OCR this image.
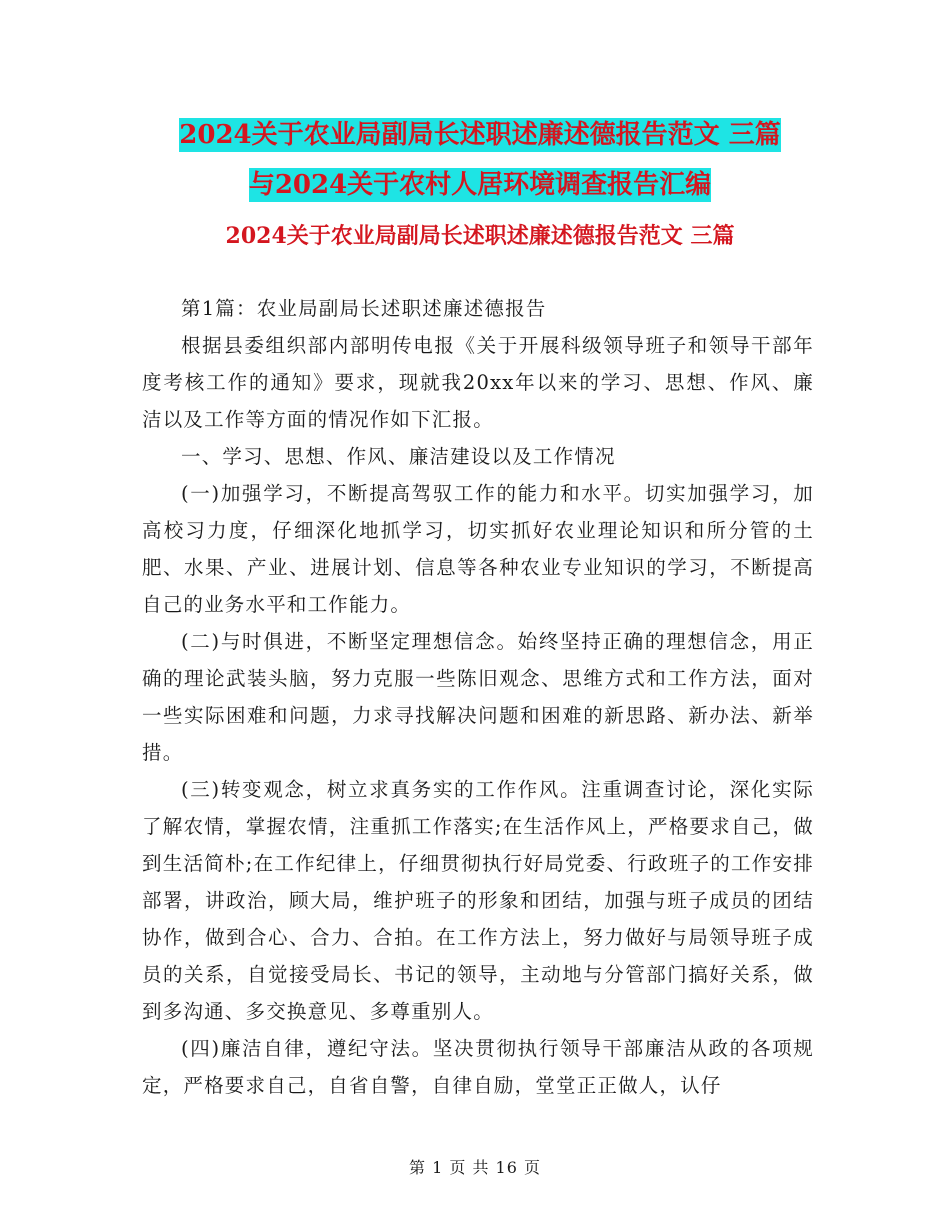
2024关于农业局副局长述职述廉述德报告范文 三篇
与2024关于农村人居环境调查报告汇编
2024关于农业局副局长述职述廉述德报告范文 三篇

第1篇：农业局副局长述职述廉述德报告

根据县委组织部内部明传电报《关于开展科级领导班子和领导干部年度考核工作的通知》要求，现就我20xx年以来的学习、思想、作风、廉洁以及工作等方面的情况作如下汇报。

一、学习、思想、作风、廉洁建设以及工作情况

(一)加强学习，不断提高驾驭工作的能力和水平。切实加强学习，加高校习力度，仔细深化地抓学习，切实抓好农业理论知识和所分管的土肥、水果、产业、进展计划、信息等各种农业专业知识的学习，不断提高自己的业务水平和工作能力。

(二)与时俱进，不断坚定理想信念。始终坚持正确的理想信念，用正确的理论武装头脑，努力克服一些陈旧观念、思维方式和工作方法，面对一些实际困难和问题，力求寻找解决问题和困难的新思路、新办法、新举措。

(三)转变观念，树立求真务实的工作作风。注重调查讨论，深化实际了解农情，掌握农情，注重抓工作落实;在生活作风上，严格要求自己，做到生活简朴;在工作纪律上，仔细贯彻执行好局党委、行政班子的工作安排部署，讲政治，顾大局，维护班子的形象和团结，加强与班子成员的团结协作，做到合心、合力、合拍。在工作方法上，努力做好与局领导班子成员的关系，自觉接受局长、书记的领导，主动地与分管部门搞好关系，做到多沟通、多交换意见、多尊重别人。

(四)廉洁自律，遵纪守法。坚决贯彻执行领导干部廉洁从政的各项规定，严格要求自己，自省自警，自律自励，堂堂正正做人，认仔

第 1 页 共 16 页
